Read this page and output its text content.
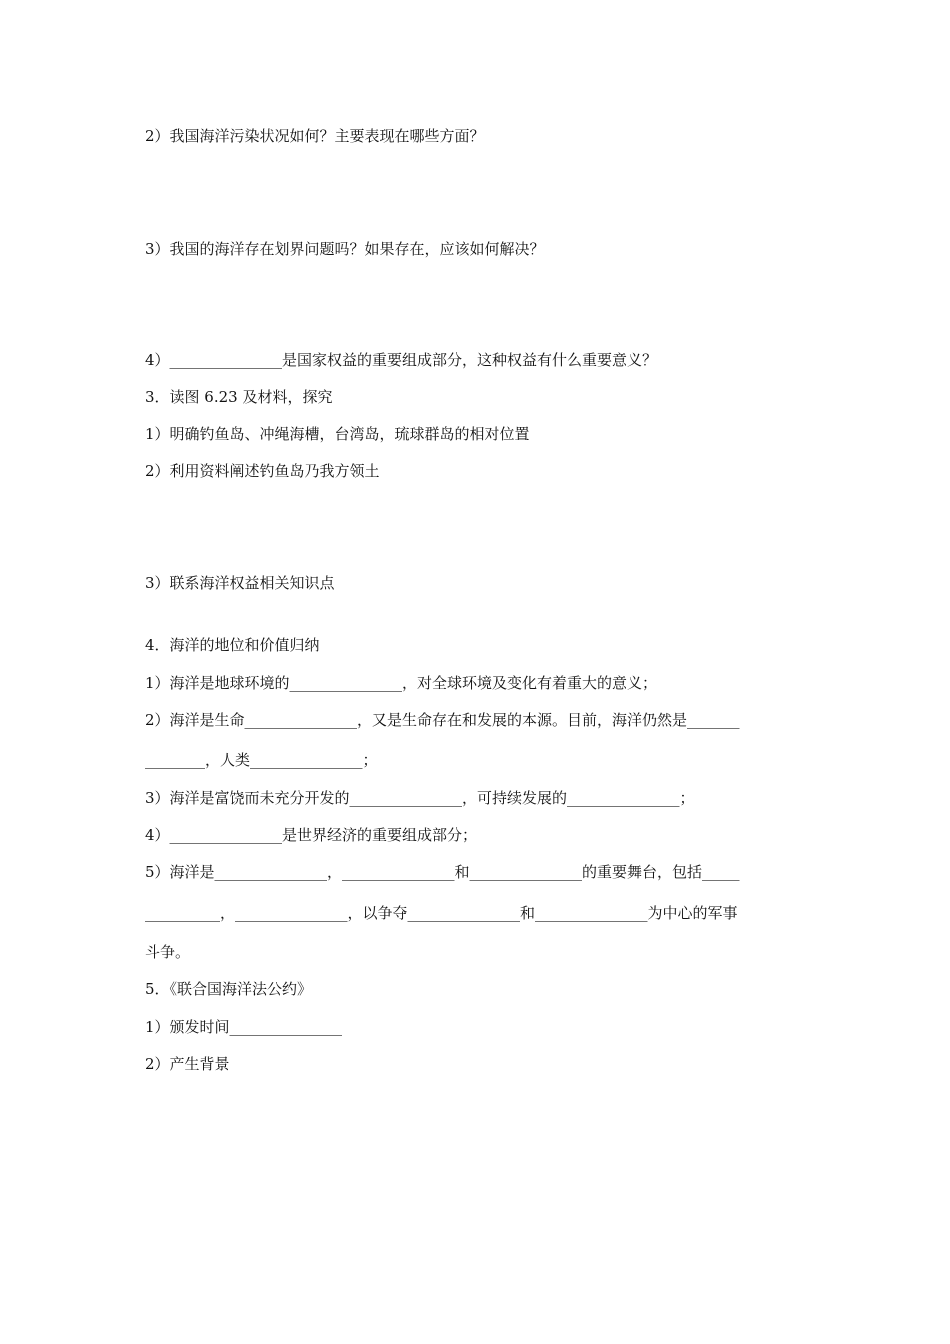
2）我国海洋污染状况如何？主要表现在哪些方面？
3）我国的海洋存在划界问题吗？如果存在，应该如何解决？
4）_______________是国家权益的重要组成部分，这种权益有什么重要意义？
3．读图 6.23 及材料，探究
1）明确钓鱼岛、冲绳海槽，台湾岛，琉球群岛的相对位置
2）利用资料阐述钓鱼岛乃我方领土
3）联系海洋权益相关知识点
4．海洋的地位和价值归纳
1）海洋是地球环境的_______________，对全球环境及变化有着重大的意义；
2）海洋是生命_______________，又是生命存在和发展的本源。目前，海洋仍然是_______
________，人类_______________；
3）海洋是富饶而未充分开发的_______________，可持续发展的_______________；
4）_______________是世界经济的重要组成部分；
5）海洋是_______________，_______________和_______________的重要舞台，包括_____
__________，_______________，以争夺_______________和_______________为中心的军事
斗争。
5．《联合国海洋法公约》
1）颁发时间_______________
2）产生背景
